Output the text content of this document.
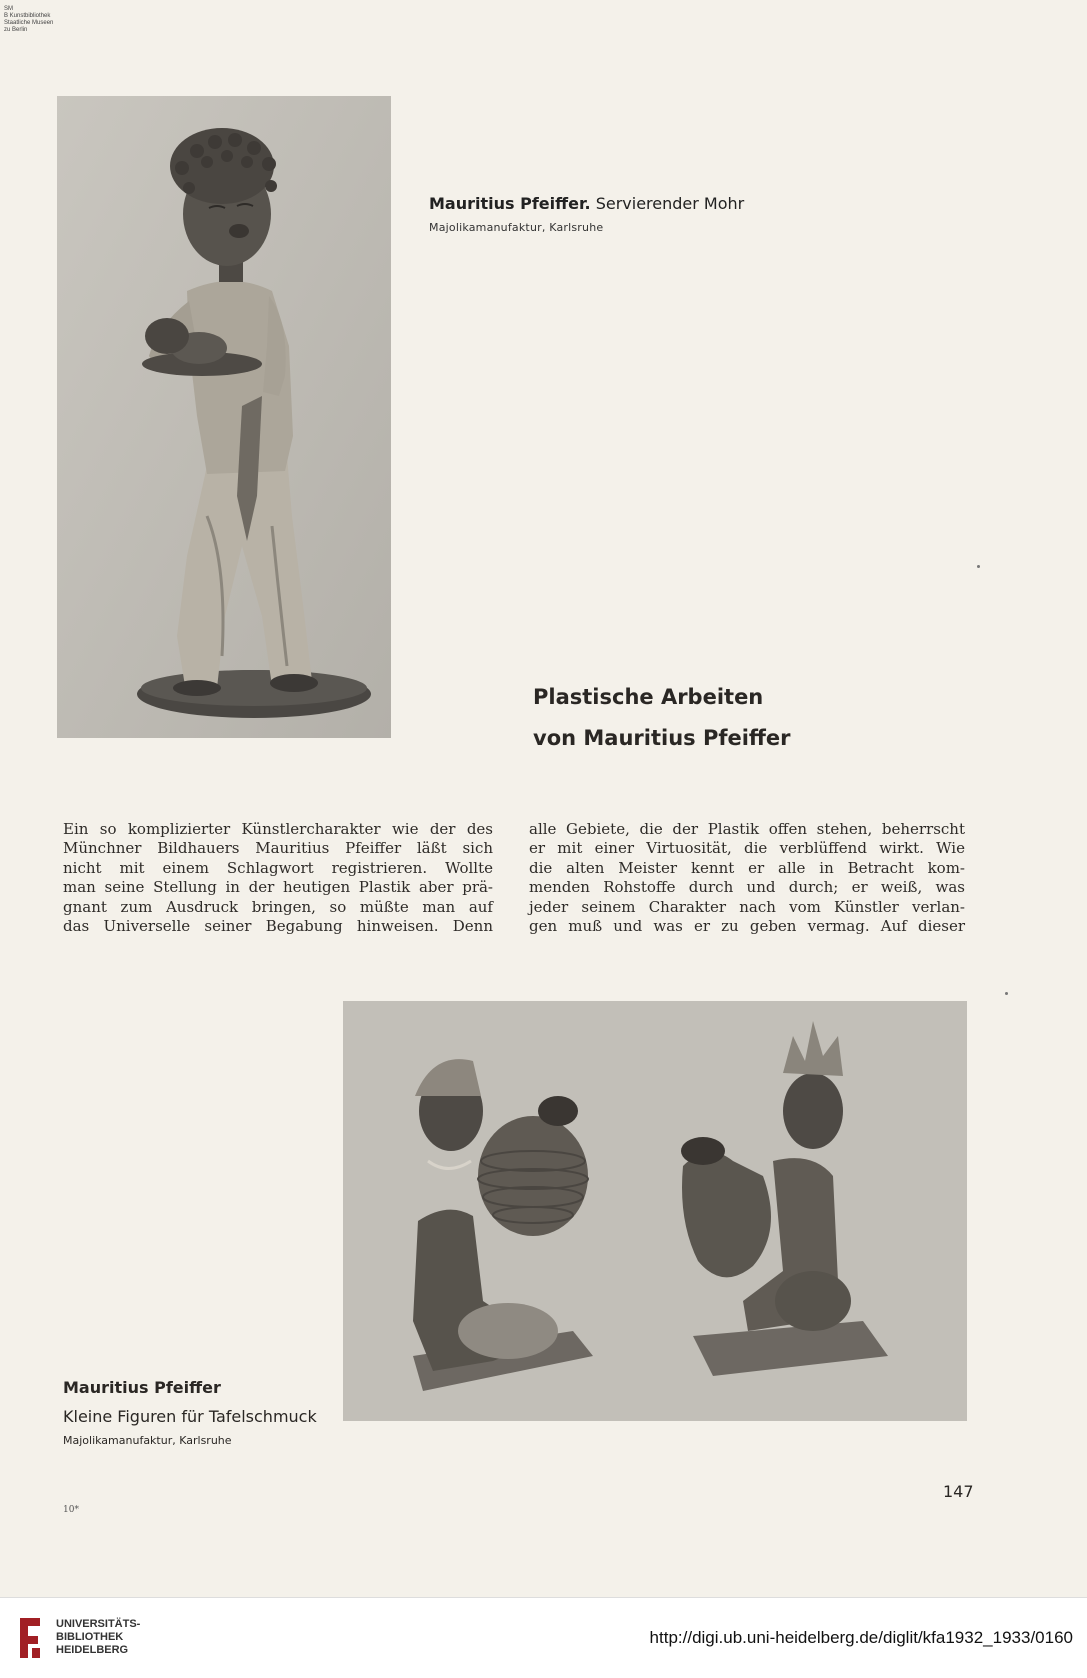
SM
B Kunstbibliothek
Staatliche Museen
zu Berlin
Mauritius Pfeiffer. Servierender Mohr
Majolikamanufaktur, Karlsruhe
Plastische Arbeiten
von Mauritius Pfeiffer
Ein so komplizierter Künstlercharakter wie der des
Münchner Bildhauers Mauritius Pfeiffer läßt sich
nicht mit einem Schlagwort registrieren. Wollte
man seine Stellung in der heutigen Plastik aber prä-
gnant zum Ausdruck bringen, so müßte man auf
das Universelle seiner Begabung hinweisen. Denn
alle Gebiete, die der Plastik offen stehen, beherrscht
er mit einer Virtuosität, die verblüffend wirkt. Wie
die alten Meister kennt er alle in Betracht kom-
menden Rohstoffe durch und durch; er weiß, was
jeder seinem Charakter nach vom Künstler verlan-
gen muß und was er zu geben vermag. Auf dieser
Mauritius Pfeiffer
Kleine Figuren für Tafelschmuck
Majolikamanufaktur, Karlsruhe
147
10*
UNIVERSITÄTS-
BIBLIOTHEK
HEIDELBERG
http://digi.ub.uni-heidelberg.de/diglit/kfa1932_1933/0160
